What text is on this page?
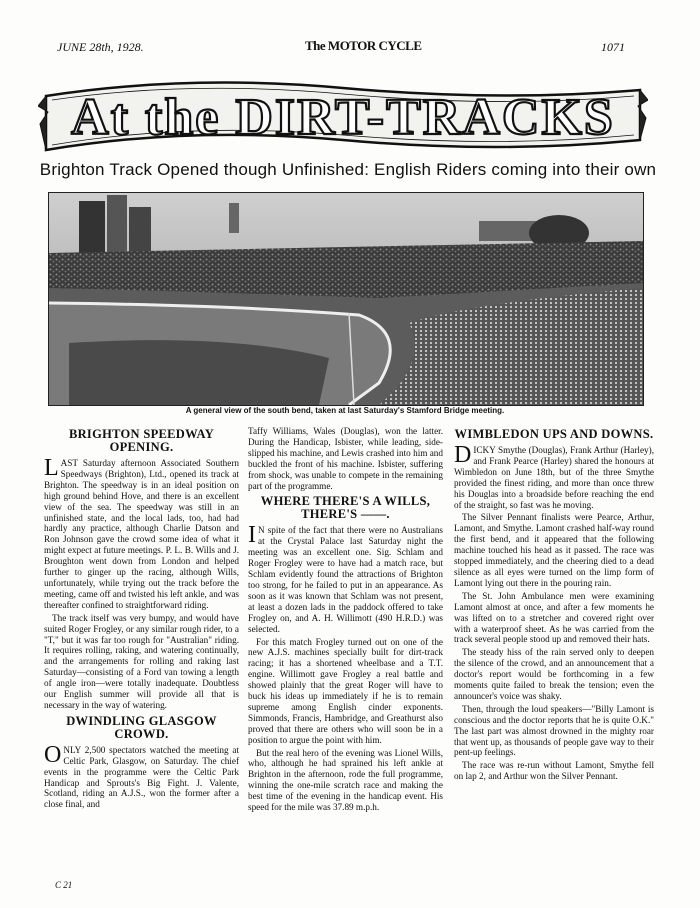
JUNE 28th, 1928.	The MOTOR CYCLE	1071
At the DIRT-TRACKS
Brighton Track Opened though Unfinished: English Riders coming into their own
A general view of the south bend, taken at last Saturday's Stamford Bridge meeting.
BRIGHTON SPEEDWAY OPENING.

LAST Saturday afternoon Associated Southern Speedways (Brighton), Ltd., opened its track at Brighton. The speedway is in an ideal position on high ground behind Hove, and there is an excellent view of the sea. The speedway was still in an unfinished state, and the local lads, too, had had hardly any practice, although Charlie Datson and Ron Johnson gave the crowd some idea of what it might expect at future meetings. P. L. B. Wills and J. Broughton went down from London and helped further to ginger up the racing, although Wills, unfortunately, while trying out the track before the meeting, came off and twisted his left ankle, and was thereafter confined to straightforward riding.

The track itself was very bumpy, and would have suited Roger Frogley, or any similar rough rider, to a "T," but it was far too rough for "Australian" riding. It requires rolling, raking, and watering continually, and the arrangements for rolling and raking last Saturday—consisting of a Ford van towing a length of angle iron—were totally inadequate. Doubtless our English summer will provide all that is necessary in the way of watering.

DWINDLING GLASGOW CROWD.

ONLY 2,500 spectators watched the meeting at Celtic Park, Glasgow, on Saturday. The chief events in the programme were the Celtic Park Handicap and Sprouts's Big Fight. J. Valente, Scotland, riding an A.J.S., won the former after a close final, and

Taffy Williams, Wales (Douglas), won the latter. During the Handicap, Isbister, while leading, side-slipped his machine, and Lewis crashed into him and buckled the front of his machine. Isbister, suffering from shock, was unable to compete in the remaining part of the programme.

WHERE THERE'S A WILLS, THERE'S ——.

IN spite of the fact that there were no Australians at the Crystal Palace last Saturday night the meeting was an excellent one. Sig. Schlam and Roger Frogley were to have had a match race, but Schlam evidently found the attractions of Brighton too strong, for he failed to put in an appearance. As soon as it was known that Schlam was not present, at least a dozen lads in the paddock offered to take Frogley on, and A. H. Willimott (490 H.R.D.) was selected.

For this match Frogley turned out on one of the new A.J.S. machines specially built for dirt-track racing; it has a shortened wheelbase and a T.T. engine. Willimott gave Frogley a real battle and showed plainly that the great Roger will have to buck his ideas up immediately if he is to remain supreme among English cinder exponents. Simmonds, Francis, Hambridge, and Greathurst also proved that there are others who will soon be in a position to argue the point with him.

But the real hero of the evening was Lionel Wills, who, although he had sprained his left ankle at Brighton in the afternoon, rode the full programme, winning the one-mile scratch race and making the best time of the evening in the handicap event. His speed for the mile was 37.89 m.p.h.

WIMBLEDON UPS AND DOWNS.

DICKY Smythe (Douglas), Frank Arthur (Harley), and Frank Pearce (Harley) shared the honours at Wimbledon on June 18th, but of the three Smythe provided the finest riding, and more than once threw his Douglas into a broadside before reaching the end of the straight, so fast was he moving.

The Silver Pennant finalists were Pearce, Arthur, Lamont, and Smythe. Lamont crashed half-way round the first bend, and it appeared that the following machine touched his head as it passed. The race was stopped immediately, and the cheering died to a dead silence as all eyes were turned on the limp form of Lamont lying out there in the pouring rain.

The St. John Ambulance men were examining Lamont almost at once, and after a few moments he was lifted on to a stretcher and covered right over with a waterproof sheet. As he was carried from the track several people stood up and removed their hats.

The steady hiss of the rain served only to deepen the silence of the crowd, and an announcement that a doctor's report would be forthcoming in a few moments quite failed to break the tension; even the announcer's voice was shaky.

Then, through the loud speakers—"Billy Lamont is conscious and the doctor reports that he is quite O.K." The last part was almost drowned in the mighty roar that went up, as thousands of people gave way to their pent-up feelings.

The race was re-run without Lamont, Smythe fell on lap 2, and Arthur won the Silver Pennant.

C 21
